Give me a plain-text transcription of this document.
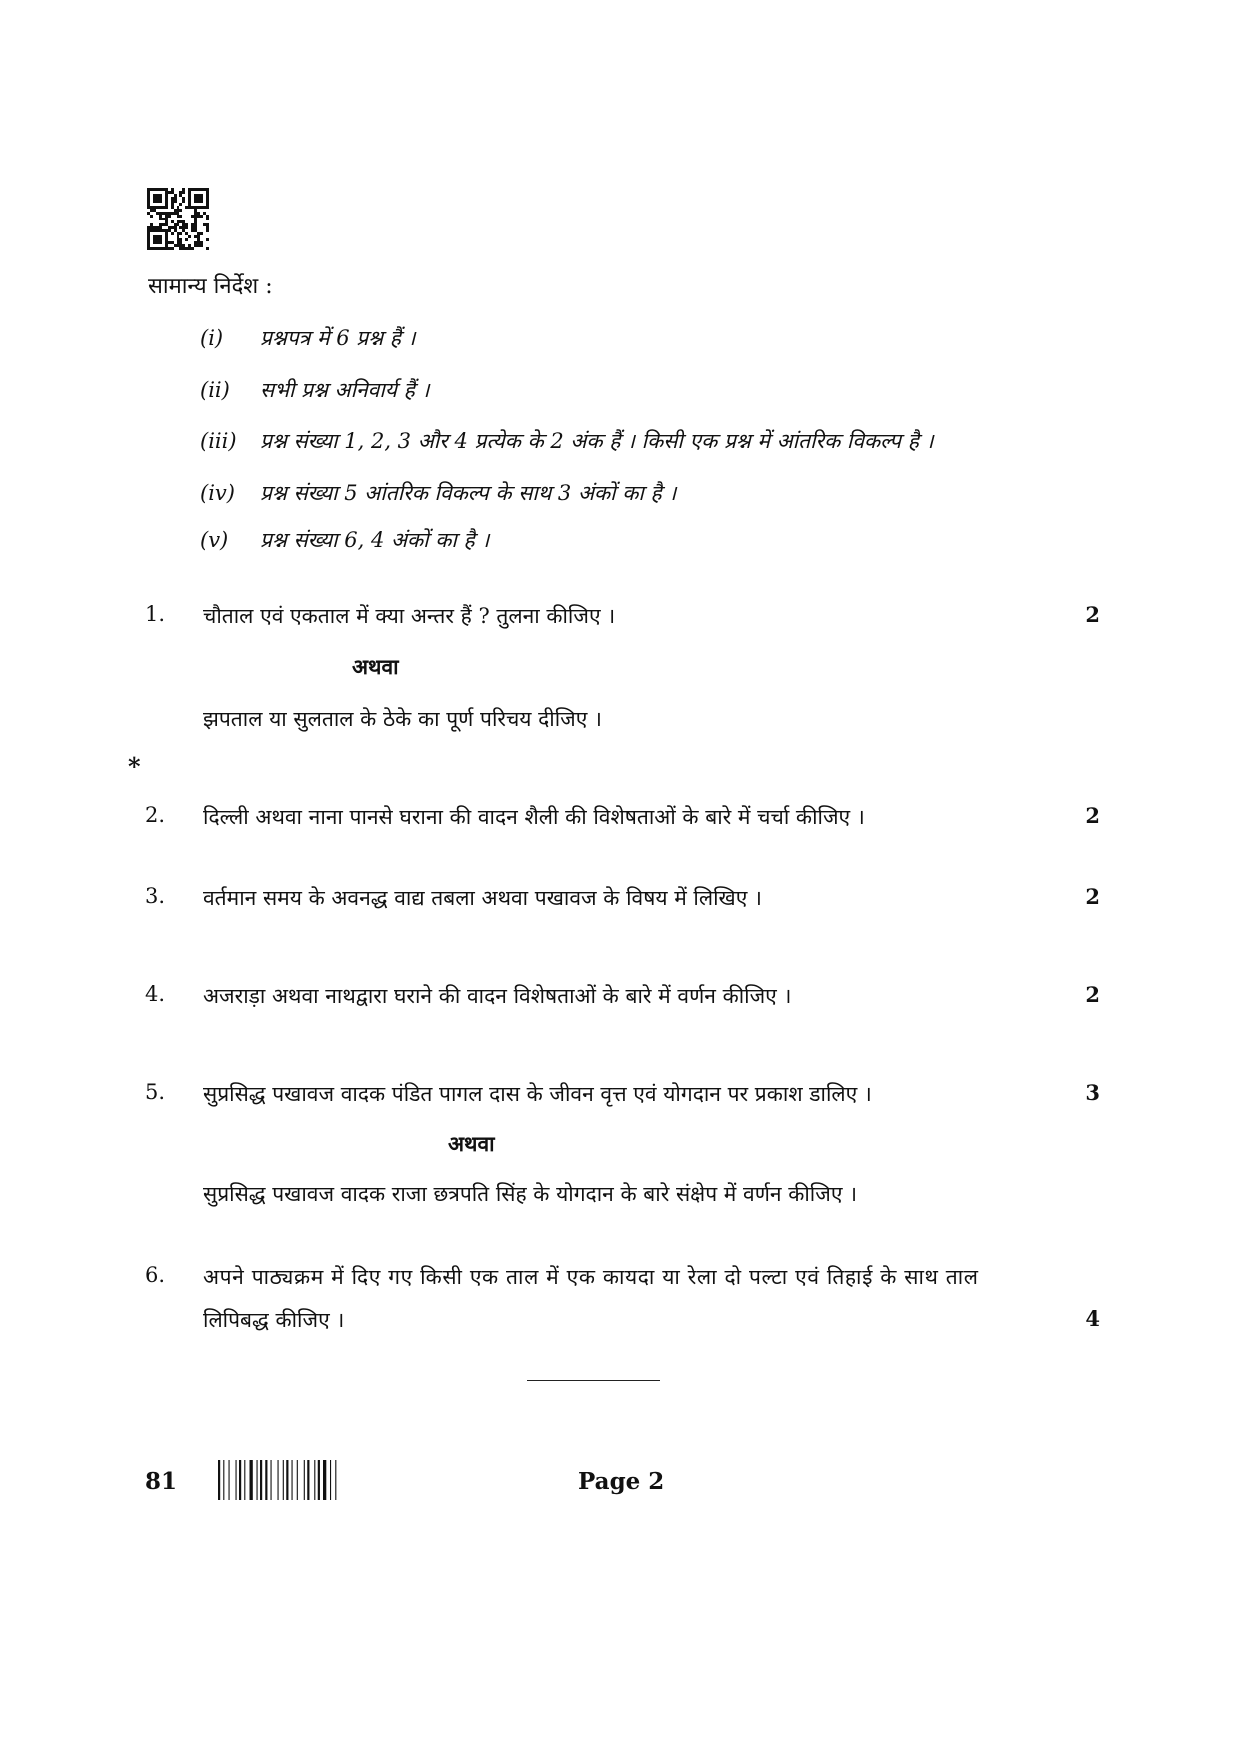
सामान्य निर्देश :
(i) प्रश्नपत्र में 6 प्रश्न हैं ।
(ii) सभी प्रश्न अनिवार्य हैं ।
(iii) प्रश्न संख्या 1, 2, 3 और 4 प्रत्येक के 2 अंक हैं । किसी एक प्रश्न में आंतरिक विकल्प है ।
(iv) प्रश्न संख्या 5 आंतरिक विकल्प के साथ 3 अंकों का है ।
(v) प्रश्न संख्या 6, 4 अंकों का है ।
1.	चौताल एवं एकताल में क्या अन्तर हैं ? तुलना कीजिए ।	2
अथवा
झपताल या सुलताल के ठेके का पूर्ण परिचय दीजिए ।
*
2.	दिल्ली अथवा नाना पानसे घराना की वादन शैली की विशेषताओं के बारे में चर्चा कीजिए ।	2
3.	वर्तमान समय के अवनद्ध वाद्य तबला अथवा पखावज के विषय में लिखिए ।	2
4.	अजराड़ा अथवा नाथद्वारा घराने की वादन विशेषताओं के बारे में वर्णन कीजिए ।	2
5.	सुप्रसिद्ध पखावज वादक पंडित पागल दास के जीवन वृत्त एवं योगदान पर प्रकाश डालिए ।	3
अथवा
सुप्रसिद्ध पखावज वादक राजा छत्रपति सिंह के योगदान के बारे संक्षेप में वर्णन कीजिए ।
6.	अपने पाठ्यक्रम में दिए गए किसी एक ताल में एक कायदा या रेला दो पल्टा एवं तिहाई के साथ ताल
लिपिबद्ध कीजिए ।	4
81	Page 2
